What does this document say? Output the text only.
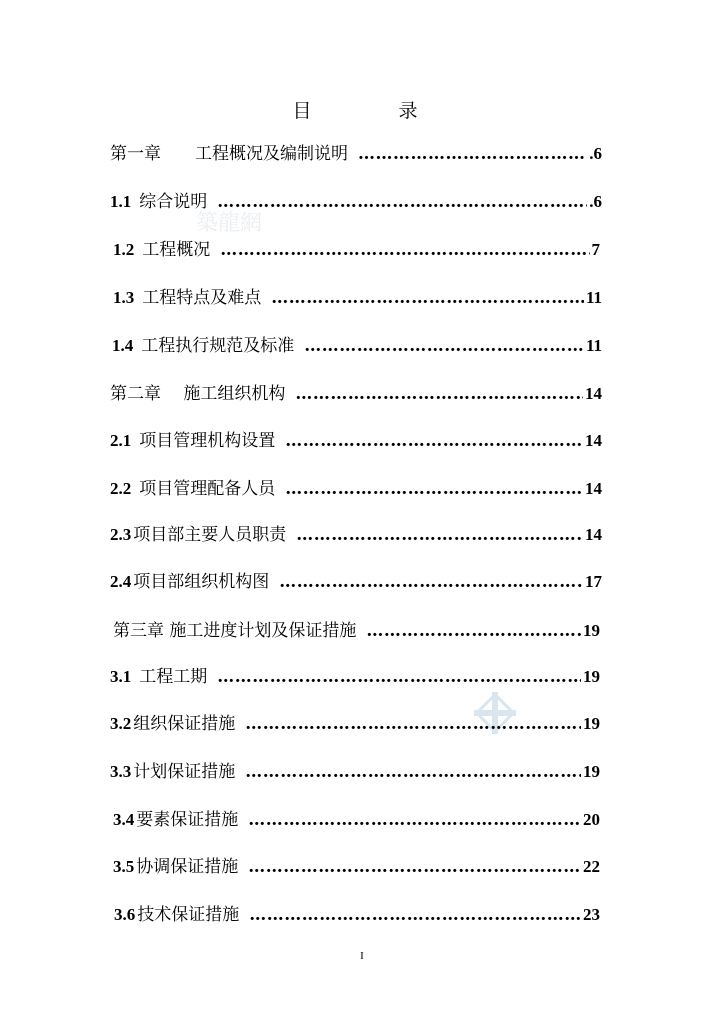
築龍網
目　录
第一章　　工程概况及编制说明 ……………………………………………………………………………………………	.6
1.1 综合说明 ……………………………………………………………………………………………	.6
1.2 工程概况 ……………………………………………………………………………………………	7
1.3 工程特点及难点 ……………………………………………………………………………………………	11
1.4 工程执行规范及标准 ……………………………………………………………………………………………	11
第二章　 施工组织机构 ……………………………………………………………………………………………	14
2.1 项目管理机构设置 ……………………………………………………………………………………………	14
2.2 项目管理配备人员 ……………………………………………………………………………………………	14
2.3 项目部主要人员职责 ……………………………………………………………………………………………	14
2.4 项目部组织机构图 ……………………………………………………………………………………………	17
第三章 施工进度计划及保证措施 ……………………………………………………………………………………………	19
3.1 工程工期 ……………………………………………………………………………………………	19
3.2 组织保证措施 ……………………………………………………………………………………………	19
3.3 计划保证措施 ……………………………………………………………………………………………	19
3.4 要素保证措施 ……………………………………………………………………………………………	20
3.5 协调保证措施 ……………………………………………………………………………………………	22
3.6 技术保证措施 ……………………………………………………………………………………………	23
I
